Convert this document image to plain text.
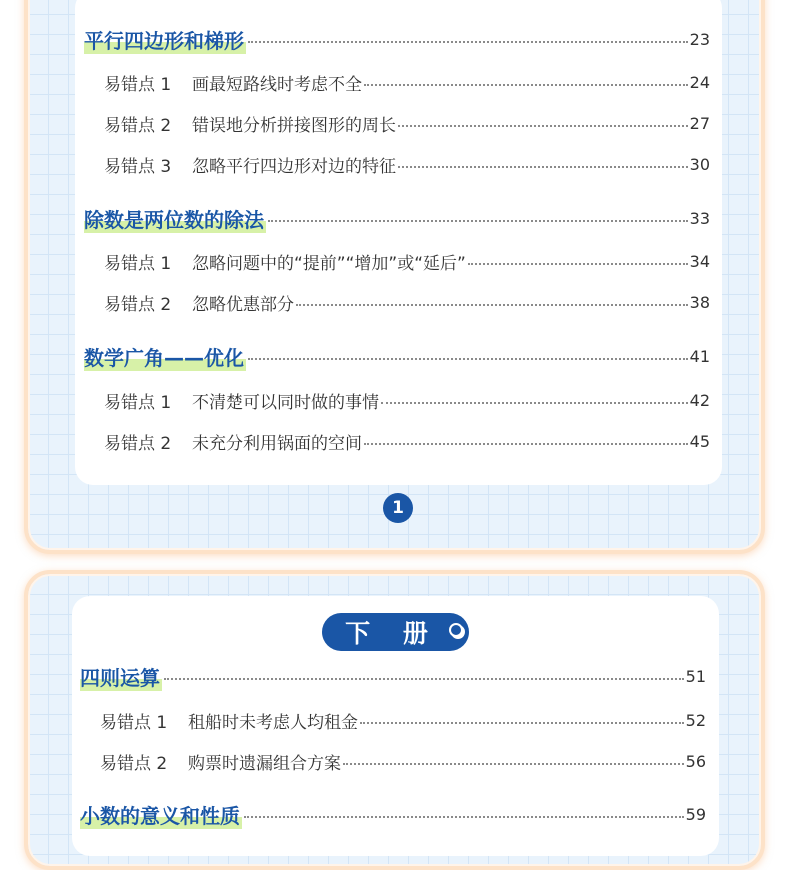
1
下 册
平行四边形和梯形	23
易错点 1	画最短路线时考虑不全	24
易错点 2	错误地分析拼接图形的周长	27
易错点 3	忽略平行四边形对边的特征	30
除数是两位数的除法	33
易错点 1	忽略问题中的“提前”“增加”或“延后”	34
易错点 2	忽略优惠部分	38
数学广角——优化	41
易错点 1	不清楚可以同时做的事情	42
易错点 2	未充分利用锅面的空间	45
四则运算	51
易错点 1	租船时未考虑人均租金	52
易错点 2	购票时遗漏组合方案	56
小数的意义和性质	59
